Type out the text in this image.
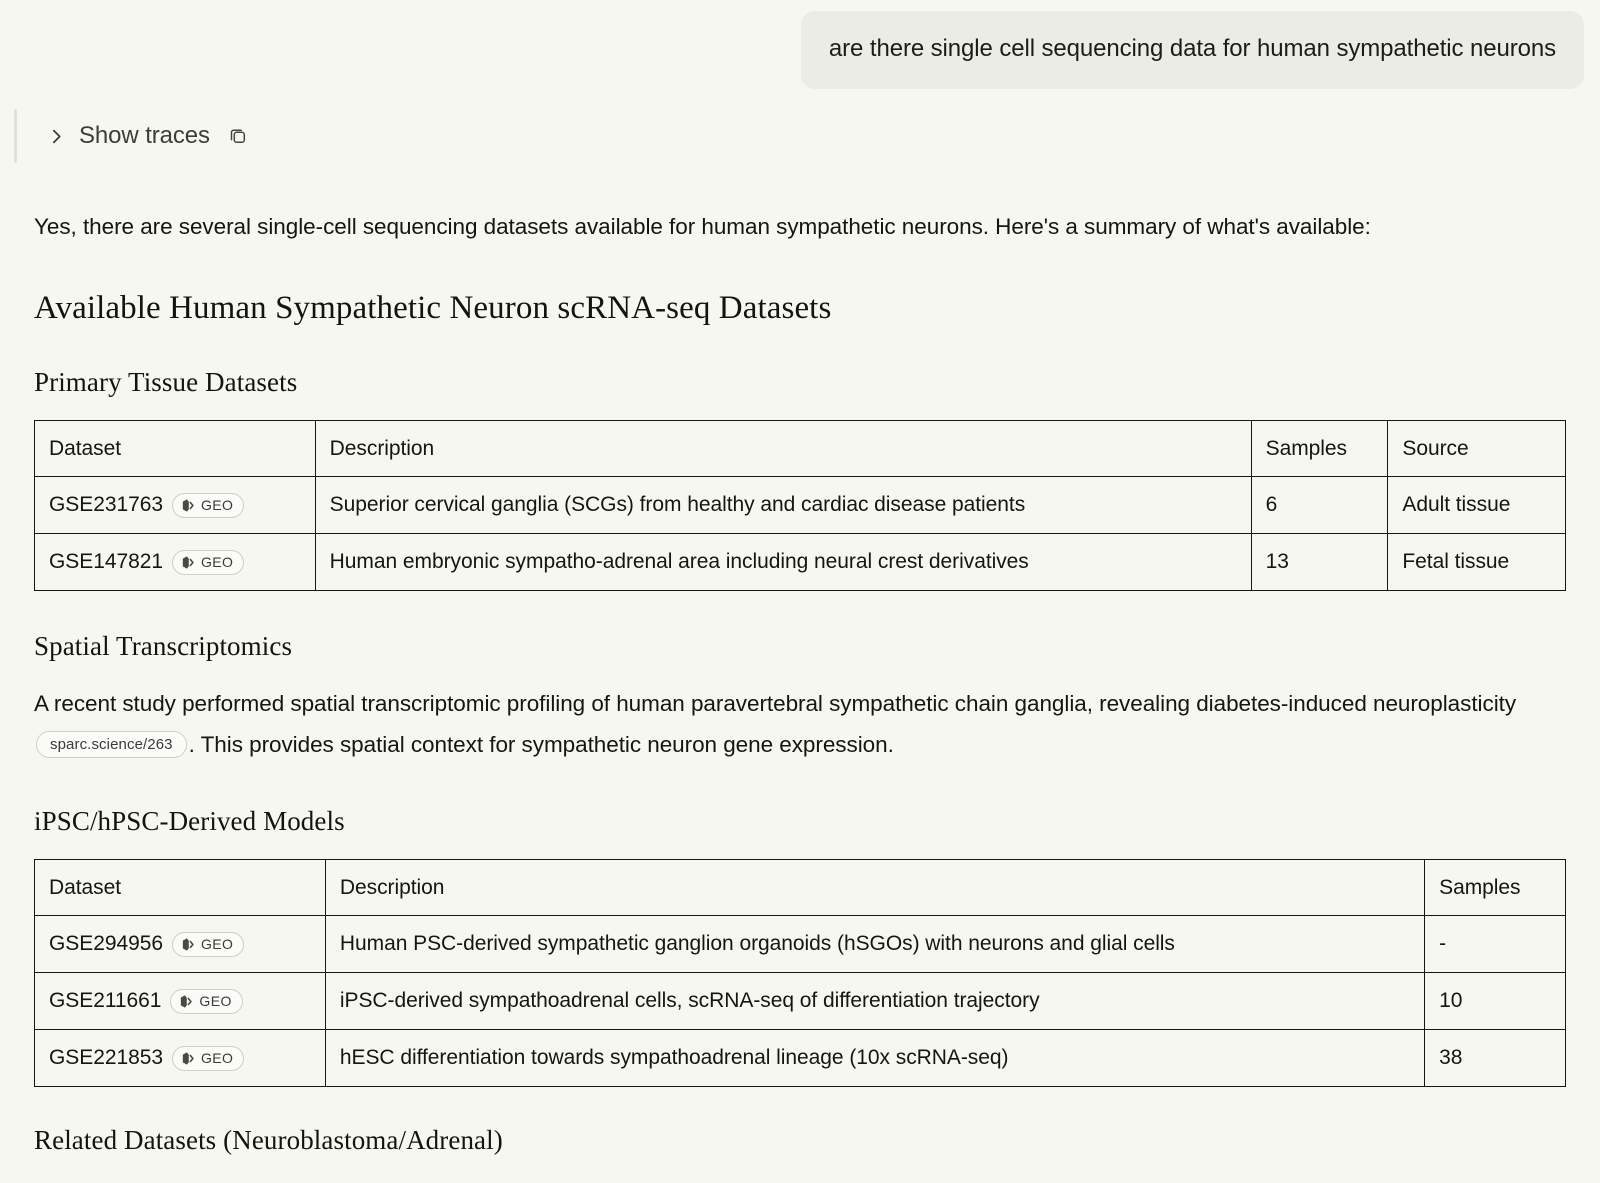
are there single cell sequencing data for human sympathetic neurons
Show traces

Yes, there are several single-cell sequencing datasets available for human sympathetic neurons. Here's a summary of what's available:

Available Human Sympathetic Neuron scRNA-seq Datasets
Primary Tissue Datasets
Dataset	Description	Samples	Source

GSE231763 GEO	Superior cervical ganglia (SCGs) from healthy and cardiac disease patients	6	Adult tissue

GSE147821 GEO	Human embryonic sympatho-adrenal area including neural crest derivatives	13	Fetal tissue
Spatial Transcriptomics

A recent study performed spatial transcriptomic profiling of human paravertebral sympathetic chain ganglia, revealing diabetes-induced neuroplasticity sparc.science/263 . This provides spatial context for sympathetic neuron gene expression.

iPSC/hPSC-Derived Models
Dataset	Description	Samples

GSE294956 GEO	Human PSC-derived sympathetic ganglion organoids (hSGOs) with neurons and glial cells	-

GSE211661 GEO	iPSC-derived sympathoadrenal cells, scRNA-seq of differentiation trajectory	10

GSE221853 GEO	hESC differentiation towards sympathoadrenal lineage (10x scRNA-seq)	38
Related Datasets (Neuroblastoma/Adrenal)
